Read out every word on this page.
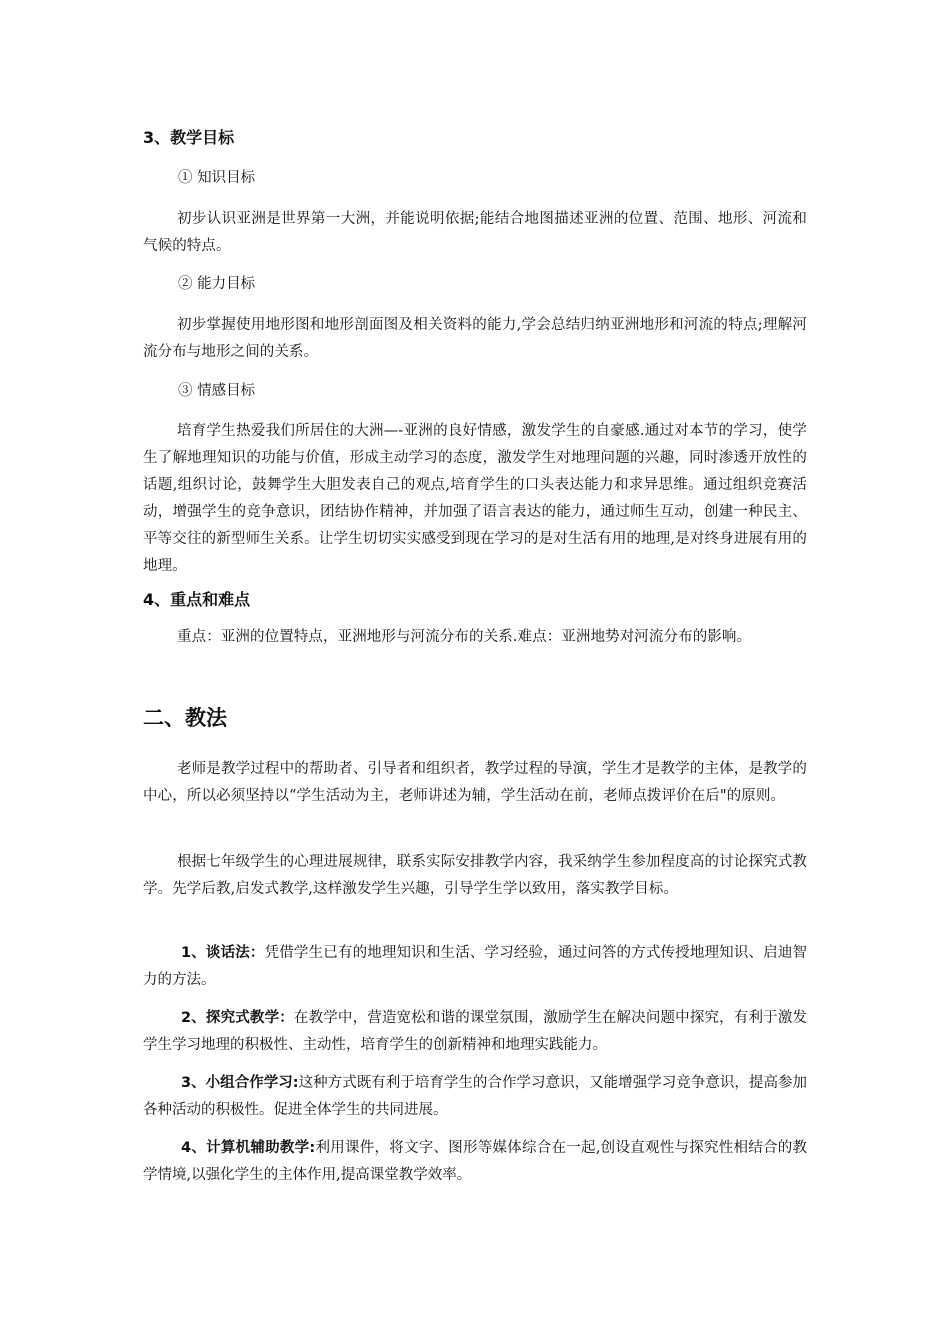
3、教学目标
① 知识目标

初步认识亚洲是世界第一大洲，并能说明依据;能结合地图描述亚洲的位置、范围、地形、河流和气候的特点。

② 能力目标

初步掌握使用地形图和地形剖面图及相关资料的能力,学会总结归纳亚洲地形和河流的特点;理解河流分布与地形之间的关系。

③ 情感目标

培育学生热爱我们所居住的大洲—-亚洲的良好情感，激发学生的自豪感.通过对本节的学习，使学生了解地理知识的功能与价值，形成主动学习的态度，激发学生对地理问题的兴趣，同时渗透开放性的话题,组织讨论，鼓舞学生大胆发表自己的观点,培育学生的口头表达能力和求异思维。通过组织竞赛活动，增强学生的竞争意识，团结协作精神，并加强了语言表达的能力，通过师生互动，创建一种民主、平等交往的新型师生关系。让学生切切实实感受到现在学习的是对生活有用的地理,是对终身进展有用的地理。

4、重点和难点

重点：亚洲的位置特点，亚洲地形与河流分布的关系.难点：亚洲地势对河流分布的影响。

二、教法

老师是教学过程中的帮助者、引导者和组织者，教学过程的导演，学生才是教学的主体，是教学的中心，所以必须坚持以“学生活动为主，老师讲述为辅，学生活动在前，老师点拨评价在后"的原则。

根据七年级学生的心理进展规律，联系实际安排教学内容，我采纳学生参加程度高的讨论探究式教学。先学后教,启发式教学,这样激发学生兴趣，引导学生学以致用，落实教学目标。

1、谈话法：凭借学生已有的地理知识和生活、学习经验，通过问答的方式传授地理知识、启迪智力的方法。

2、探究式教学：在教学中，营造宽松和谐的课堂氛围，激励学生在解决问题中探究，有利于激发学生学习地理的积极性、主动性，培育学生的创新精神和地理实践能力。

3、小组合作学习:这种方式既有利于培育学生的合作学习意识，又能增强学习竞争意识，提高参加各种活动的积极性。促进全体学生的共同进展。

4、计算机辅助教学:利用课件，将文字、图形等媒体综合在一起,创设直观性与探究性相结合的教学情境,以强化学生的主体作用,提高课堂教学效率。
